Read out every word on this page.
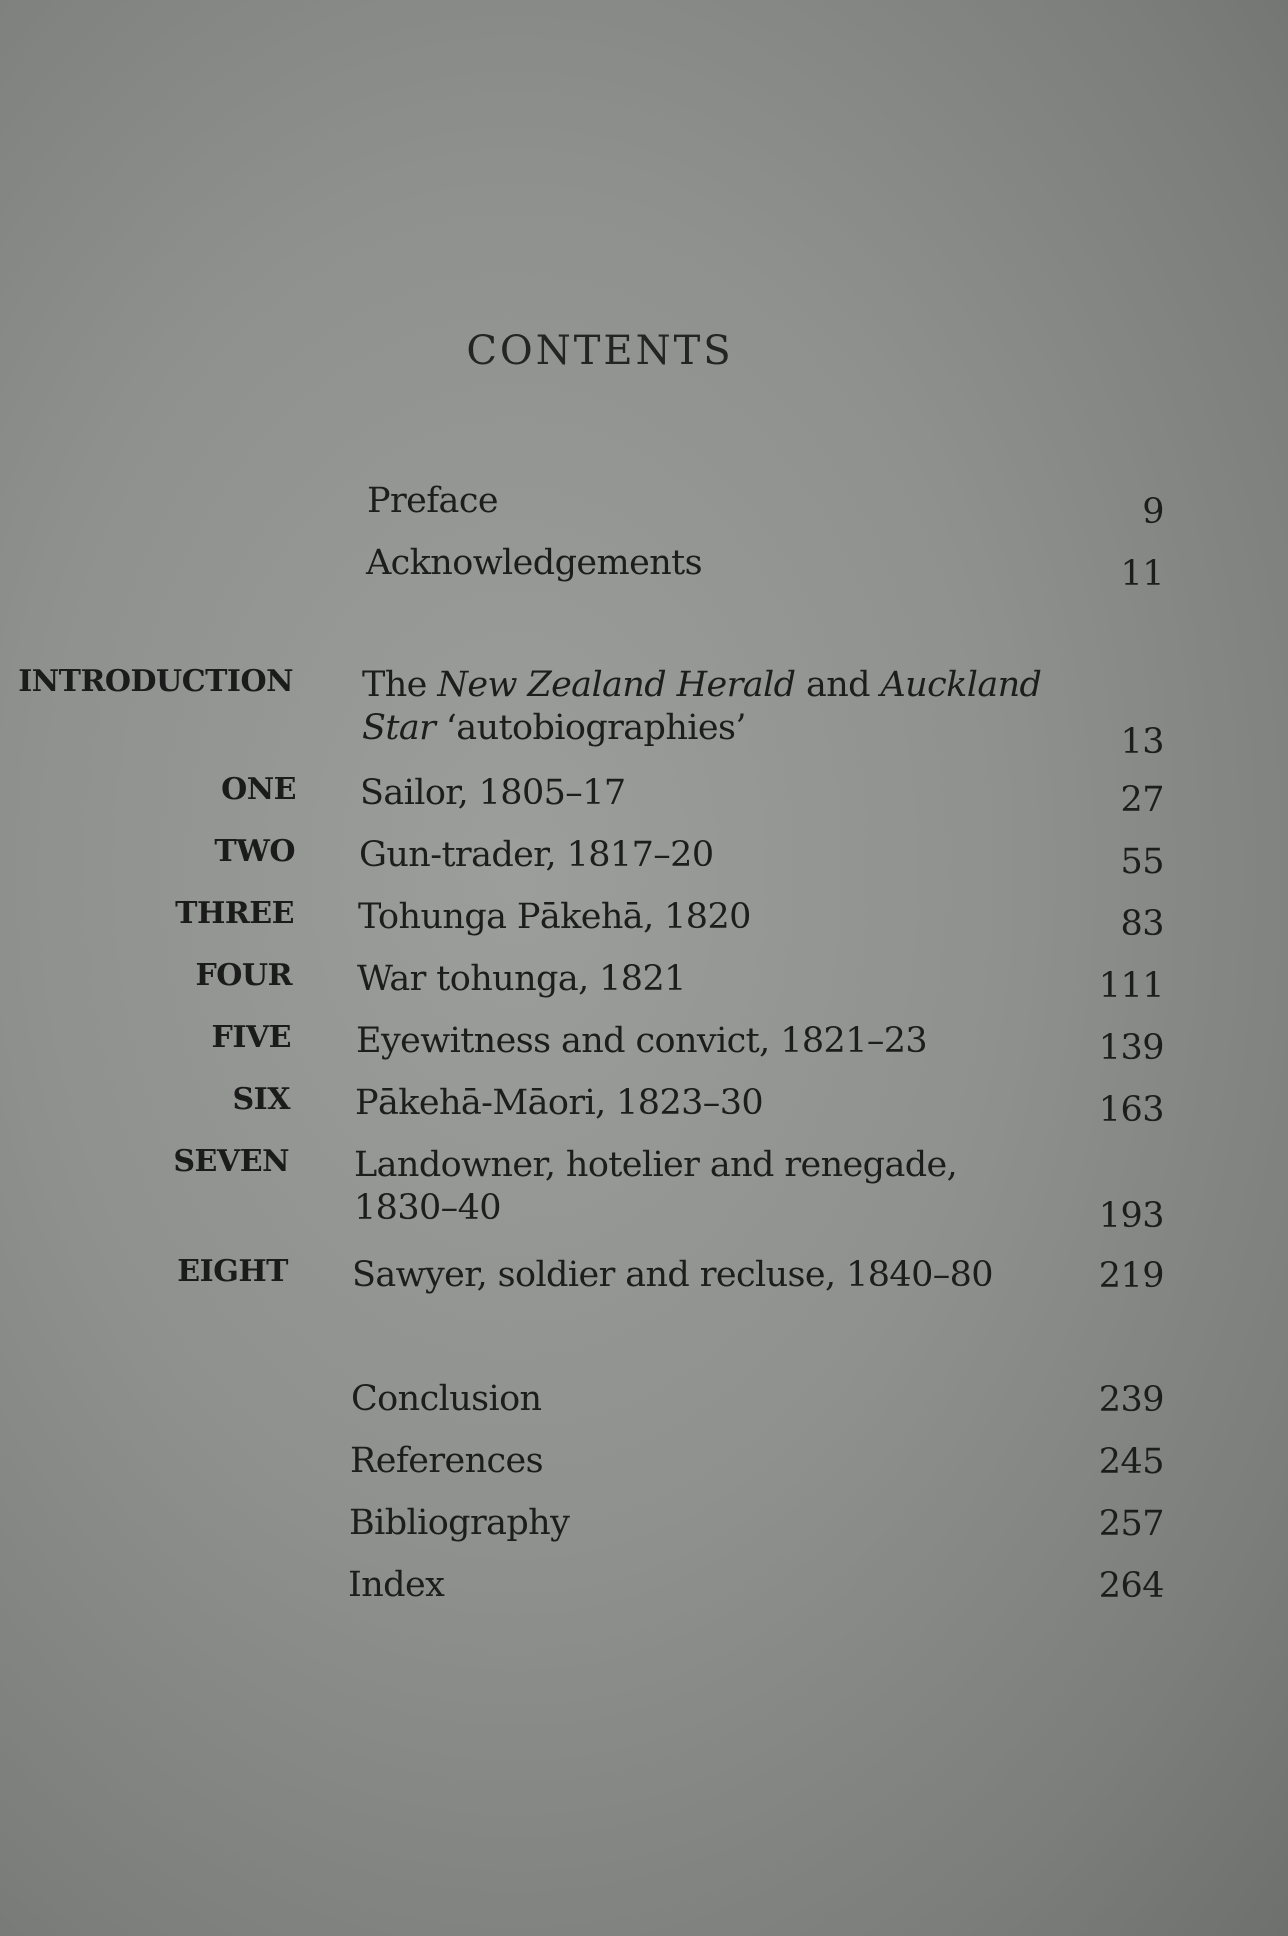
CONTENTS
Preface	9
Acknowledgements	11
INTRODUCTION The New Zealand Herald and Auckland
Star ‘autobiographies’	13
ONE Sailor, 1805–17	27
TWO Gun-trader, 1817–20	55
THREE Tohunga Pākehā, 1820	83
FOUR War tohunga, 1821	111
FIVE Eyewitness and convict, 1821–23	139
SIX Pākehā-Māori, 1823–30	163
SEVEN Landowner, hotelier and renegade,
1830–40	193
EIGHT Sawyer, soldier and recluse, 1840–80	219
Conclusion	239
References	245
Bibliography	257
Index	264
